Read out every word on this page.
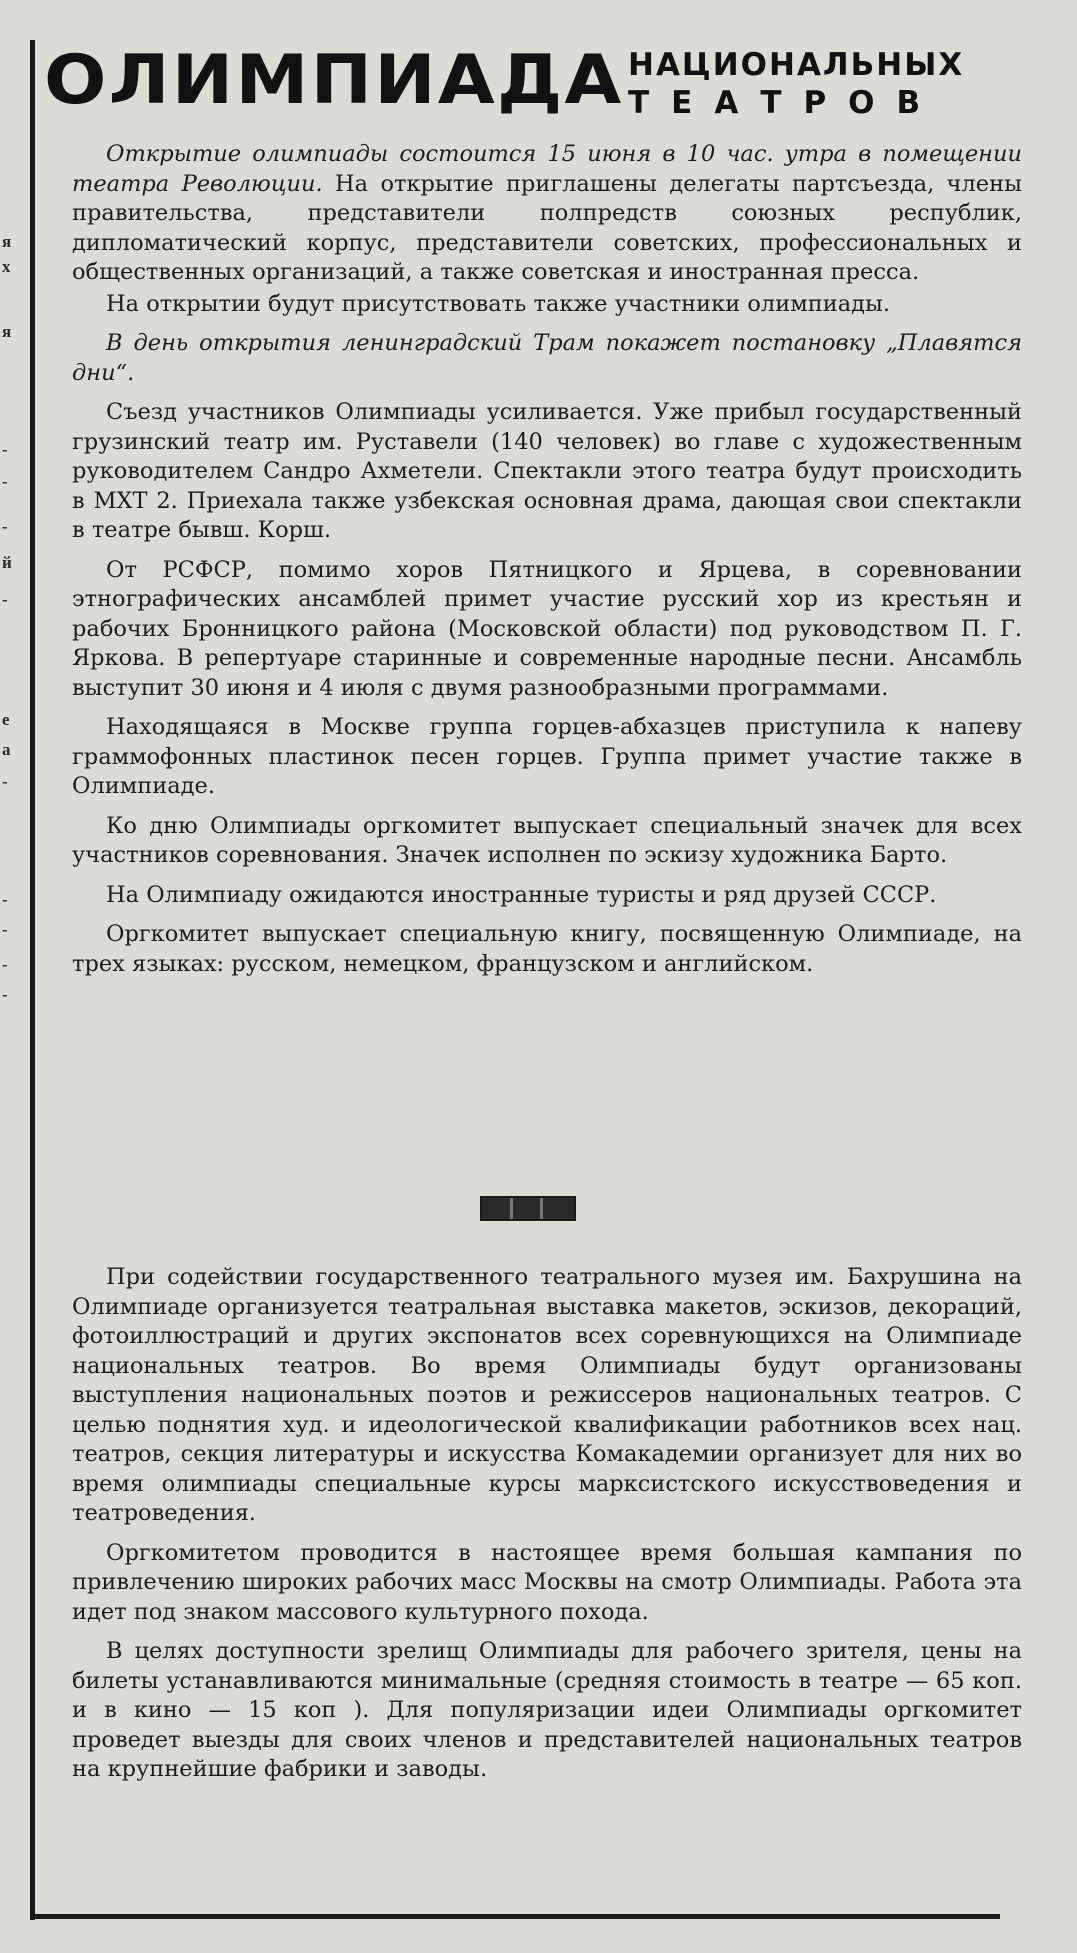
я
х
я
-
-
-
й
-
е
а
-
-
-
-
-
ОЛИМПИАДА НАЦИОНАЛЬНЫХ
ТЕАТРОВ

Открытие олимпиады состоится 15 июня в 10 час. утра в помещении театра Революции. На открытие приглашены делегаты партсъезда, члены правительства, представители полпредств союзных республик, дипломатический корпус, представители советских, профессиональных и общественных организаций, а также советская и иностранная пресса.

На открытии будут присутствовать также участники олимпиады.

В день открытия ленинградский Трам покажет постановку „Плавятся дни“.

Съезд участников Олимпиады усиливается. Уже прибыл государственный грузинский театр им. Руставели (140 человек) во главе с художественным руководителем Сандро Ахметели. Спектакли этого театра будут происходить в МХТ 2. Приехала также узбекская основная драма, дающая свои спектакли в театре бывш. Корш.

От РСФСР, помимо хоров Пятницкого и Ярцева, в соревновании этнографических ансамблей примет участие русский хор из крестьян и рабочих Бронницкого района (Московской области) под руководством П. Г. Яркова. В репертуаре старинные и современные народные песни. Ансамбль выступит 30 июня и 4 июля с двумя разнообразными программами.

Находящаяся в Москве группа горцев-абхазцев приступила к напеву граммофонных пластинок песен горцев. Группа примет участие также в Олимпиаде.

Ко дню Олимпиады оргкомитет выпускает специальный значек для всех участников соревнования. Значек исполнен по эскизу художника Барто.

На Олимпиаду ожидаются иностранные туристы и ряд друзей СССР.

Оргкомитет выпускает специальную книгу, посвященную Олимпиаде, на трех языках: русском, немецком, французском и английском.

При содействии государственного театрального музея им. Бахрушина на Олимпиаде организуется театральная выставка макетов, эскизов, декораций, фотоиллюстраций и других экспонатов всех соревнующихся на Олимпиаде национальных театров. Во время Олимпиады будут организованы выступления национальных поэтов и режиссеров национальных театров. С целью поднятия худ. и идеологической квалификации работников всех нац. театров, секция литературы и искусства Комакадемии организует для них во время олимпиады специальные курсы марксистского искусствоведения и театроведения.

Оргкомитетом проводится в настоящее время большая кампания по привлечению широких рабочих масс Москвы на смотр Олимпиады. Работа эта идет под знаком массового культурного похода.

В целях доступности зрелищ Олимпиады для рабочего зрителя, цены на билеты устанавливаются минимальные (средняя стоимость в театре — 65 коп. и в кино — 15 коп ). Для популяризации идеи Олимпиады оргкомитет проведет выезды для своих членов и представителей национальных театров на крупнейшие фабрики и заводы.
